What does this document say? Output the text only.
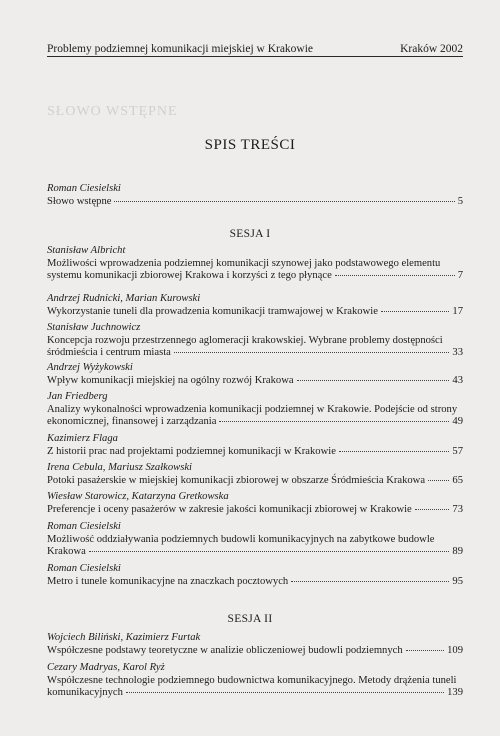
SŁOWO WSTĘPNE
Problemy podziemnej komunikacji miejskiej w Krakowie	Kraków 2002
SPIS TREŚCI
Roman Ciesielski
Słowo wstępne	5
SESJA I
Stanisław Albricht
Możliwości wprowadzenia podziemnej komunikacji szynowej jako podstawowego elementu
systemu komunikacji zbiorowej Krakowa i korzyści z tego płynące	7
Andrzej Rudnicki, Marian Kurowski
Wykorzystanie tuneli dla prowadzenia komunikacji tramwajowej w Krakowie	17
Stanisław Juchnowicz
Koncepcja rozwoju przestrzennego aglomeracji krakowskiej. Wybrane problemy dostępności
śródmieścia i centrum miasta	33
Andrzej Wyżykowski
Wpływ komunikacji miejskiej na ogólny rozwój Krakowa	43
Jan Friedberg
Analizy wykonalności wprowadzenia komunikacji podziemnej w Krakowie. Podejście od strony
ekonomicznej, finansowej i zarządzania	49
Kazimierz Flaga
Z historii prac nad projektami podziemnej komunikacji w Krakowie	57
Irena Cebula, Mariusz Szałkowski
Potoki pasażerskie w miejskiej komunikacji zbiorowej w obszarze Śródmieścia Krakowa	65
Wiesław Starowicz, Katarzyna Gretkowska
Preferencje i oceny pasażerów w zakresie jakości komunikacji zbiorowej w Krakowie	73
Roman Ciesielski
Możliwość oddziaływania podziemnych budowli komunikacyjnych na zabytkowe budowle
Krakowa	89
Roman Ciesielski
Metro i tunele komunikacyjne na znaczkach pocztowych	95
SESJA II
Wojciech Biliński, Kazimierz Furtak
Współczesne podstawy teoretyczne w analizie obliczeniowej budowli podziemnych	109
Cezary Madryas, Karol Ryż
Współczesne technologie podziemnego budownictwa komunikacyjnego. Metody drążenia tuneli
komunikacyjnych	139
